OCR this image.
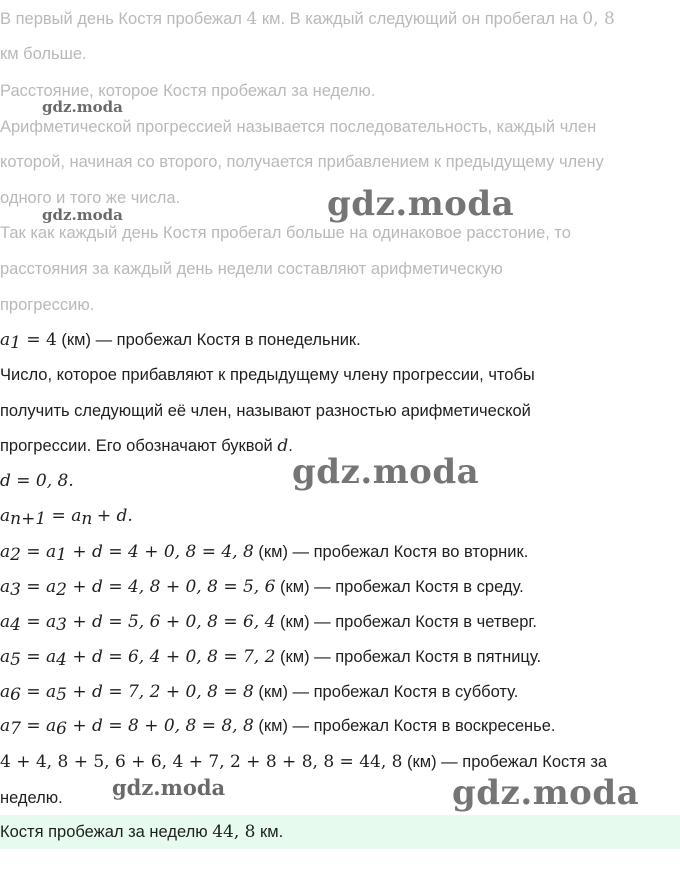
В первый день Костя пробежал 4 км. В каждый следующий он пробегал на 0, 8
км больше.
Расстояние, которое Костя пробежал за неделю.
Арифметической прогрессией называется последовательность, каждый член
которой, начиная со второго, получается прибавлением к предыдущему члену
одного и того же числа.
Так как каждый день Костя пробегал больше на одинаковое расстоние, то
расстояния за каждый день недели составляют арифметическую
прогрессию.
$a_1 = 4$ (км) — пробежал Костя в понедельник.
Число, которое прибавляют к предыдущему члену прогрессии, чтобы
получить следующий её член, называют разностью арифметической
прогрессии. Его обозначают буквой d.
d = 0, 8.
$a_{n+1} = a_n + d$.
$a_2 = a_1 + d = 4 + 0$, 8 = 4, 8 (км) — пробежал Костя во вторник.
$a_3 = a_2 + d = 4$, 8 + 0, 8 = 5, 6 (км) — пробежал Костя в среду.
$a_4 = a_3 + d = 5$, 6 + 0, 8 = 6, 4 (км) — пробежал Костя в четверг.
$a_5 = a_4 + d = 6$, 4 + 0, 8 = 7, 2 (км) — пробежал Костя в пятницу.
$a_6 = a_5 + d = 7$, 2 + 0, 8 = 8 (км) — пробежал Костя в субботу.
$a_7 = a_6 + d = 8 + 0$, 8 = 8, 8 (км) — пробежал Костя в воскресенье.
4 + 4, 8 + 5, 6 + 6, 4 + 7, 2 + 8 + 8, 8 = 44, 8 (км) — пробежал Костя за
неделю.
Костя пробежал за неделю 44, 8 км.
gdz.moda
gdz.moda	gdz.moda
gdz.moda
gdz.moda	gdz.moda
